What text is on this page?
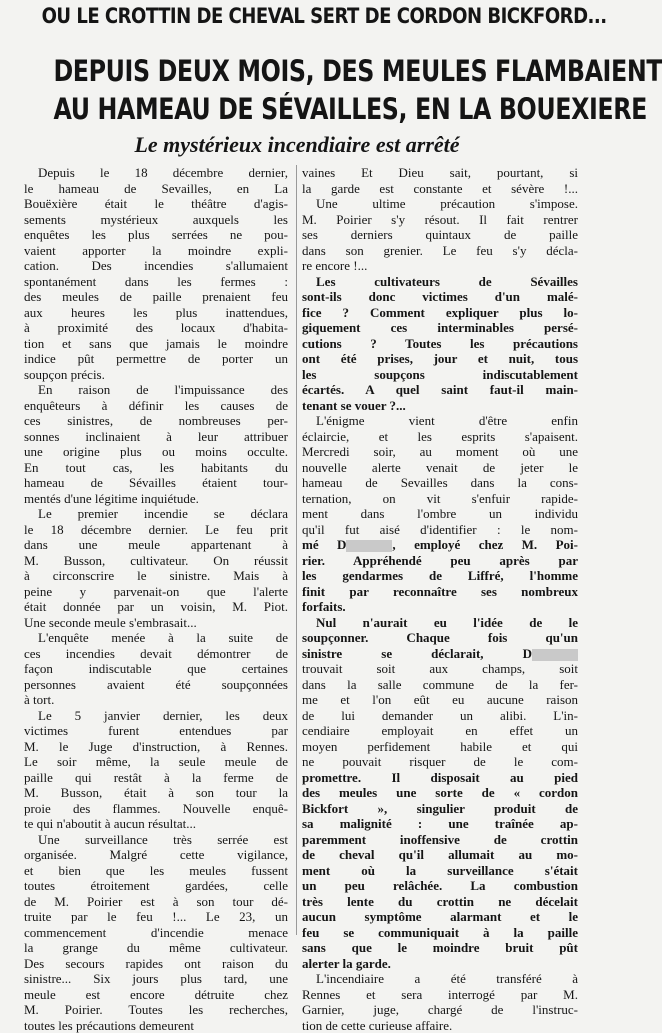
OU LE CROTTIN DE CHEVAL SERT DE CORDON BICKFORD...
DEPUIS DEUX MOIS, DES MEULES FLAMBAIENT
AU HAMEAU DE SÉVAILLES, EN LA BOUEXIERE
Le mystérieux incendiaire est arrêté
Depuis le 18 décembre dernier,
le hameau de Sevailles, en La
Bouëxière était le théâtre d'agis-
sements mystérieux auxquels les
enquêtes les plus serrées ne pou-
vaient apporter la moindre expli-
cation. Des incendies s'allumaient
spontanément dans les fermes :
des meules de paille prenaient feu
aux heures les plus inattendues,
à proximité des locaux d'habita-
tion et sans que jamais le moindre
indice pût permettre de porter un
soupçon précis.
En raison de l'impuissance des
enquêteurs à définir les causes de
ces sinistres, de nombreuses per-
sonnes inclinaient à leur attribuer
une origine plus ou moins occulte.
En tout cas, les habitants du
hameau de Sévailles étaient tour-
mentés d'une légitime inquiétude.
Le premier incendie se déclara
le 18 décembre dernier. Le feu prit
dans une meule appartenant à
M. Busson, cultivateur. On réussit
à circonscrire le sinistre. Mais à
peine y parvenait-on que l'alerte
était donnée par un voisin, M. Piot.
Une seconde meule s'embrasait...
L'enquête menée à la suite de
ces incendies devait démontrer de
façon indiscutable que certaines
personnes avaient été soupçonnées
à tort.
Le 5 janvier dernier, les deux
victimes furent entendues par
M. le Juge d'instruction, à Rennes.
Le soir même, la seule meule de
paille qui restât à la ferme de
M. Busson, était à son tour la
proie des flammes. Nouvelle enquê-
te qui n'aboutit à aucun résultat...
Une surveillance très serrée est
organisée. Malgré cette vigilance,
et bien que les meules fussent
toutes étroitement gardées, celle
de M. Poirier est à son tour dé-
truite par le feu !... Le 23, un
commencement d'incendie menace
la grange du même cultivateur.
Des secours rapides ont raison du
sinistre... Six jours plus tard, une
meule est encore détruite chez
M. Poirier. Toutes les recherches,
toutes les précautions demeurent
vaines Et Dieu sait, pourtant, si
la garde est constante et sévère !...
Une ultime précaution s'impose.
M. Poirier s'y résout. Il fait rentrer
ses derniers quintaux de paille
dans son grenier. Le feu s'y décla-
re encore !...
Les cultivateurs de Sévailles
sont-ils donc victimes d'un malé-
fice ? Comment expliquer plus lo-
giquement ces interminables persé-
cutions ? Toutes les précautions
ont été prises, jour et nuit, tous
les soupçons indiscutablement
écartés. A quel saint faut-il main-
tenant se vouer ?...
L'énigme vient d'être enfin
éclaircie, et les esprits s'apaisent.
Mercredi soir, au moment où une
nouvelle alerte venait de jeter le
hameau de Sevailles dans la cons-
ternation, on vit s'enfuir rapide-
ment dans l'ombre un individu
qu'il fut aisé d'identifier : le nom-
mé D	, employé chez M. Poi-
rier. Appréhendé peu après par
les gendarmes de Liffré, l'homme
finit par reconnaître ses nombreux
forfaits.
Nul n'aurait eu l'idée de le
soupçonner. Chaque fois qu'un
sinistre se déclarait, D
trouvait soit aux champs, soit
dans la salle commune de la fer-
me et l'on eût eu aucune raison
de lui demander un alibi. L'in-
cendiaire employait en effet un
moyen perfidement habile et qui
ne pouvait risquer de le com-
promettre. Il disposait au pied
des meules une sorte de « cordon
Bickfort », singulier produit de
sa malignité : une traînée ap-
paremment inoffensive de crottin
de cheval qu'il allumait au mo-
ment où la surveillance s'était
un peu relâchée. La combustion
très lente du crottin ne décelait
aucun symptôme alarmant et le
feu se communiquait à la paille
sans que le moindre bruit pût
alerter la garde.
L'incendiaire a été transféré à
Rennes et sera interrogé par M.
Garnier, juge, chargé de l'instruc-
tion de cette curieuse affaire.
